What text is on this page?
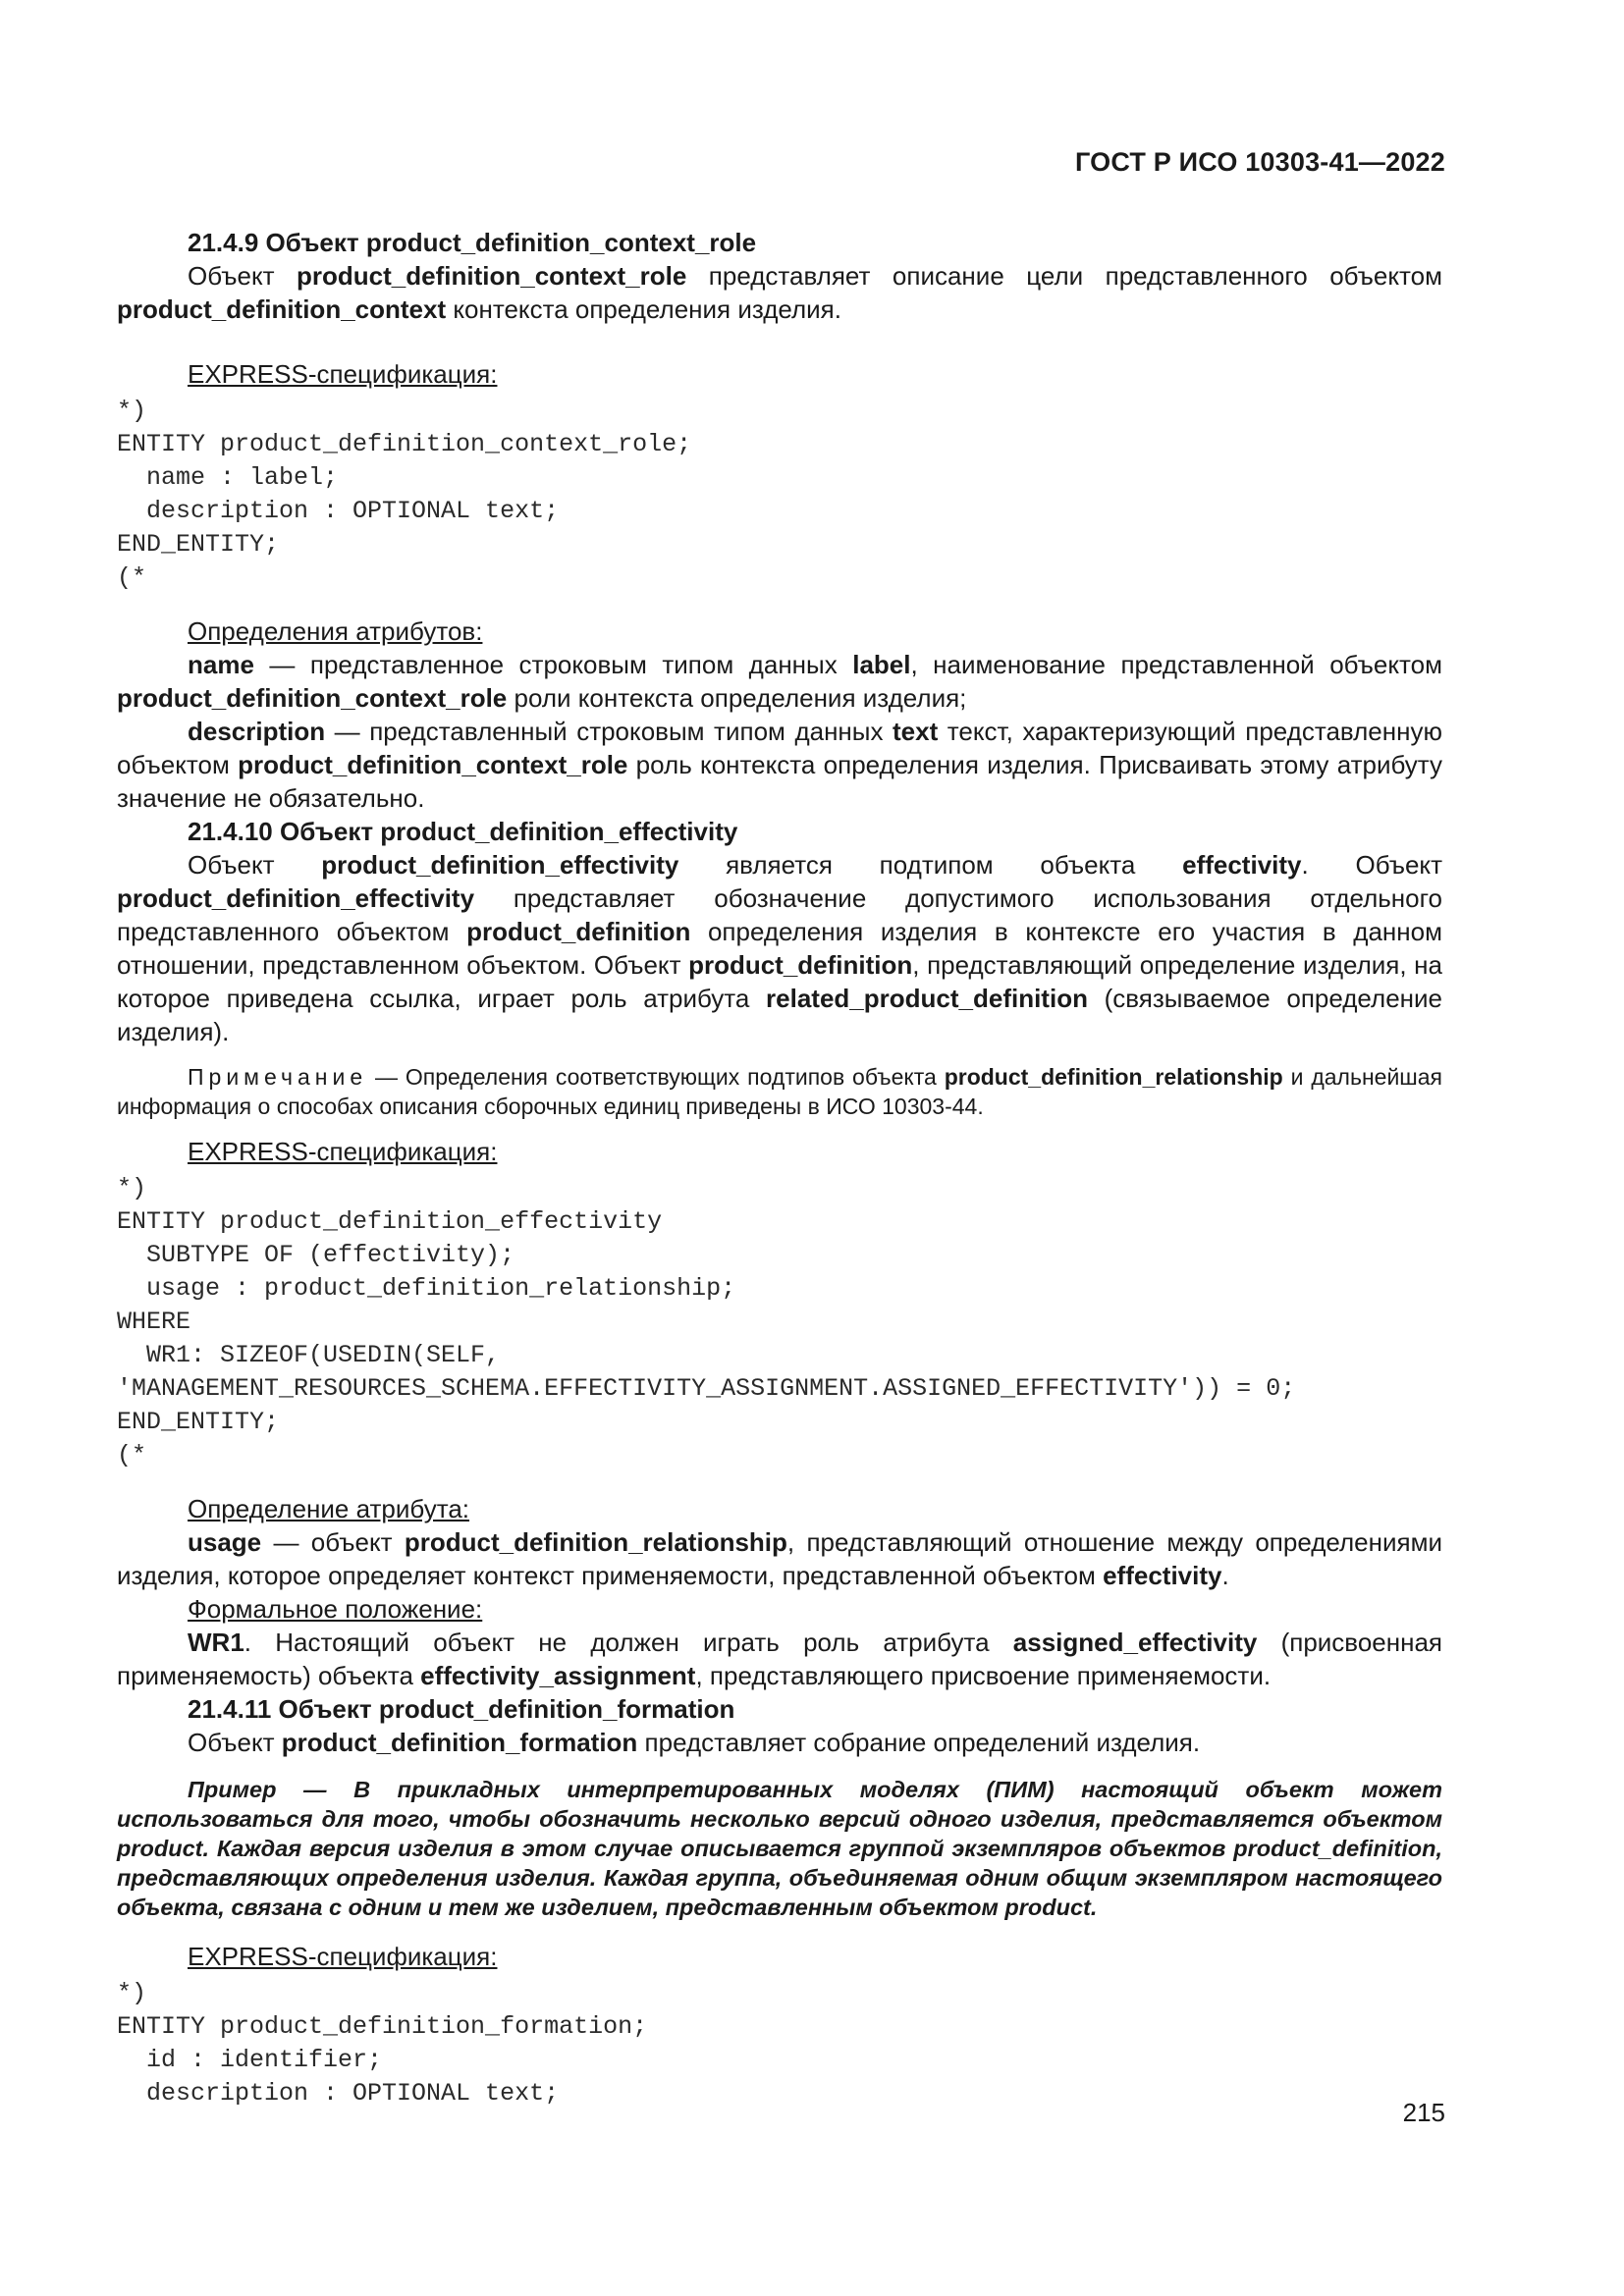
ГОСТ Р ИСО 10303-41—2022

21.4.9 Объект product_definition_context_role

Объект product_definition_context_role представляет описание цели представленного объектом product_definition_context контекста определения изделия.

EXPRESS-спецификация:

*)
ENTITY product_definition_context_role;
name : label;
description : OPTIONAL text;
END_ENTITY;
(*

Определения атрибутов:

name — представленное строковым типом данных label, наименование представленной объектом product_definition_context_role роли контекста определения изделия;

description — представленный строковым типом данных text текст, характеризующий представленную объектом product_definition_context_role роль контекста определения изделия. Присваивать этому атрибуту значение не обязательно.

21.4.10 Объект product_definition_effectivity

Объект product_definition_effectivity является подтипом объекта effectivity. Объект product_definition_effectivity представляет обозначение допустимого использования отдельного представленного объектом product_definition определения изделия в контексте его участия в данном отношении, представленном объектом. Объект product_definition, представляющий определение изделия, на которое приведена ссылка, играет роль атрибута related_product_definition (связываемое определение изделия).

Примечание — Определения соответствующих подтипов объекта product_definition_relationship и дальнейшая информация о способах описания сборочных единиц приведены в ИСО 10303-44.

EXPRESS-спецификация:

*)
ENTITY product_definition_effectivity
SUBTYPE OF (effectivity);
usage : product_definition_relationship;
WHERE
WR1: SIZEOF(USEDIN(SELF,
'MANAGEMENT_RESOURCES_SCHEMA.EFFECTIVITY_ASSIGNMENT.ASSIGNED_EFFECTIVITY')) = 0;
END_ENTITY;
(*

Определение атрибута:

usage — объект product_definition_relationship, представляющий отношение между определениями изделия, которое определяет контекст применяемости, представленной объектом effectivity.

Формальное положение:

WR1. Настоящий объект не должен играть роль атрибута assigned_effectivity (присвоенная применяемость) объекта effectivity_assignment, представляющего присвоение применяемости.

21.4.11 Объект product_definition_formation

Объект product_definition_formation представляет собрание определений изделия.

Пример — В прикладных интерпретированных моделях (ПИМ) настоящий объект может использоваться для того, чтобы обозначить несколько версий одного изделия, представляется объектом product. Каждая версия изделия в этом случае описывается группой экземпляров объектов product_definition, представляющих определения изделия. Каждая группа, объединяемая одним общим экземпляром настоящего объекта, связана с одним и тем же изделием, представленным объектом product.

EXPRESS-спецификация:

*)
ENTITY product_definition_formation;
id : identifier;
description : OPTIONAL text;
215
